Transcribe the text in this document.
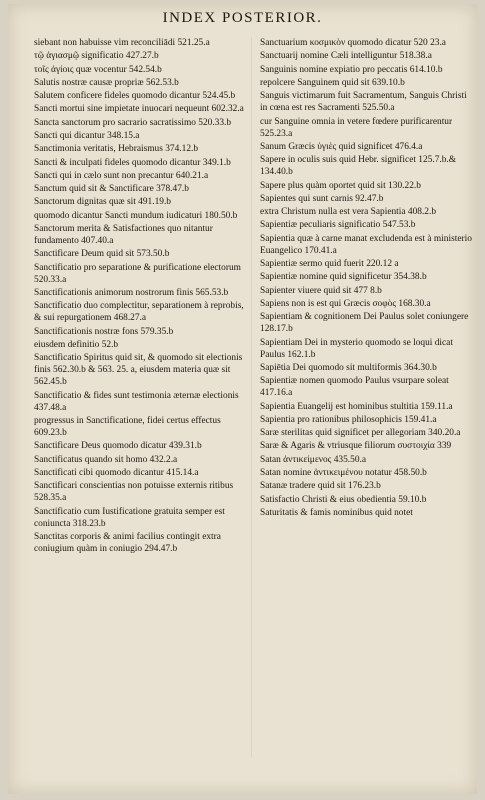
INDEX POSTERIOR.
siebant non habuisse vim reconciliādi 521.25.a
τῷ ἁγιασμῷ significatio 427.27.b
τοῖς ἁγίοις quæ vocentur 542.54.b
Salutis nostræ causæ propriæ 562.53.b
Salutem conficere fideles quomodo dicantur 524.45.b
Sancti mortui sine impietate inuocari nequeunt 602.32.a
Sancta sanctorum pro sacrario sacratissimo 520.33.b
Sancti qui dicantur 348.15.a
Sanctimonia veritatis, Hebraismus 374.12.b
Sancti & inculpati fideles quomodo dicantur 349.1.b
Sancti qui in cælo sunt non precantur 640.21.a
Sanctum quid sit & Sanctificare 378.47.b
Sanctorum dignitas quæ sit 491.19.b
quomodo dicantur Sancti mundum iudicaturi 180.50.b
Sanctorum merita & Satisfactiones quo nitantur fundamento 407.40.a
Sanctificare Deum quid sit 573.50.b
Sanctificatio pro separatione & purificatione electorum 520.33.a
Sanctificationis animorum nostrorum finis 565.53.b
Sanctificatio duo complectitur, separationem à reprobis, & sui repurgationem 468.27.a
Sanctificationis nostræ fons 579.35.b
eiusdem definitio 52.b
Sanctificatio Spiritus quid sit, & quomodo sit electionis finis 562.30.b & 563. 25. a, eiusdem materia quæ sit 562.45.b
Sanctificatio & fides sunt testimonia æternæ electionis 437.48.a
progressus in Sanctificatione, fidei certus effectus 609.23.b
Sanctificare Deus quomodo dicatur 439.31.b
Sanctificatus quando sit homo 432.2.a
Sanctificati cibi quomodo dicantur 415.14.a
Sanctificari conscientias non potuisse externis ritibus 528.35.a
Sanctificatio cum Iustificatione gratuita semper est coniuncta 318.23.b
Sanctitas corporis & animi facilius contingit extra coniugium quàm in coniugio 294.47.b
Sanctuarium κοσμικὸν quomodo dicatur 520 23.a
Sanctuarij nomine Cæli intelliguntur 518.38.a
Sanguinis nomine expiatio pro peccatis 614.10.b
repolcere Sanguinem quid sit 639.10.b
Sanguis victimarum fuit Sacramentum, Sanguis Christi in cœna est res Sacramenti 525.50.a
cur Sanguine omnia in vetere fœdere purificarentur 525.23.a
Sanum Græcis ὑγιὲς quid significet 476.4.a
Sapere in oculis suis quid Hebr. significet 125.7.b.& 134.40.b
Sapere plus quàm oportet quid sit 130.22.b
Sapientes qui sunt carnis 92.47.b
extra Christum nulla est vera Sapientia 408.2.b
Sapientiæ peculiaris significatio 547.53.b
Sapientia quæ à carne manat excludenda est à ministerio Euangelico 170.41.a
Sapientiæ sermo quid fuerit 220.12 a
Sapientiæ nomine quid significetur 354.38.b
Sapienter viuere quid sit 477 8.b
Sapiens non is est qui Græcis σοφὸς 168.30.a
Sapientiam & cognitionem Dei Paulus solet coniungere 128.17.b
Sapientiam Dei in mysterio quomodo se loqui dicat Paulus 162.1.b
Sapiētia Dei quomodo sit multiformis 364.30.b
Sapientiæ nomen quomodo Paulus vsurpare soleat 417.16.a
Sapientia Euangelij est hominibus stultitia 159.11.a
Sapientia pro rationibus philosophicis 159.41.a
Saræ sterilitas quid significet per allegoriam 340.20.a
Saræ & Agaris & vtriusque filiorum συστοιχία 339
Satan ἀντικείμενος 435.50.a
Satan nomine ἀντικειμένου notatur 458.50.b
Satanæ tradere quid sit 176.23.b
Satisfactio Christi & eius obedientia 59.10.b
Saturitatis & famis nominibus quid notet
